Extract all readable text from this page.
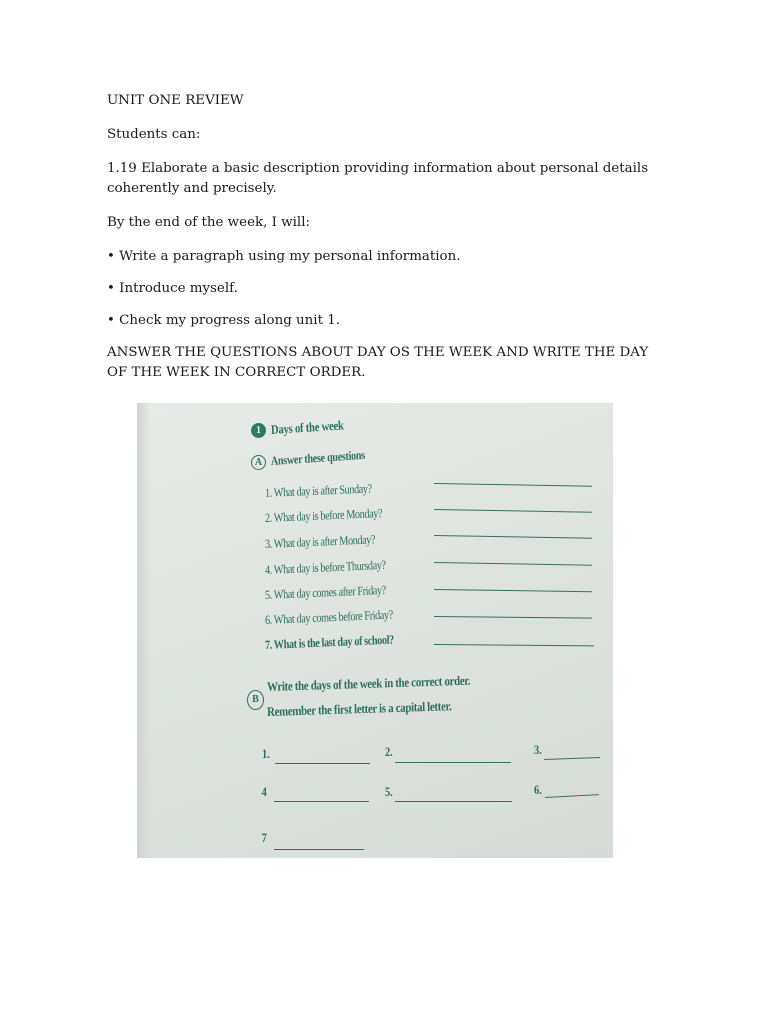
UNIT ONE REVIEW

Students can:

1.19 Elaborate a basic description providing information about personal details coherently and precisely.

By the end of the week, I will:

• Write a paragraph using my personal information.

• Introduce myself.

• Check my progress along unit 1.

ANSWER THE QUESTIONS ABOUT DAY OS THE WEEK AND WRITE THE DAY OF THE WEEK IN CORRECT ORDER.

1 Days of the week
A Answer these questions
1. What day is after Sunday?
2. What day is before Monday?
3. What day is after Monday?
4. What day is before Thursday?
5. What day comes after Friday?
6. What day comes before Friday?
7. What is the last day of school?
B
Write the days of the week in the correct order.
Remember the first letter is a capital letter.
1.	2.	3.
4	5.	6.
7
